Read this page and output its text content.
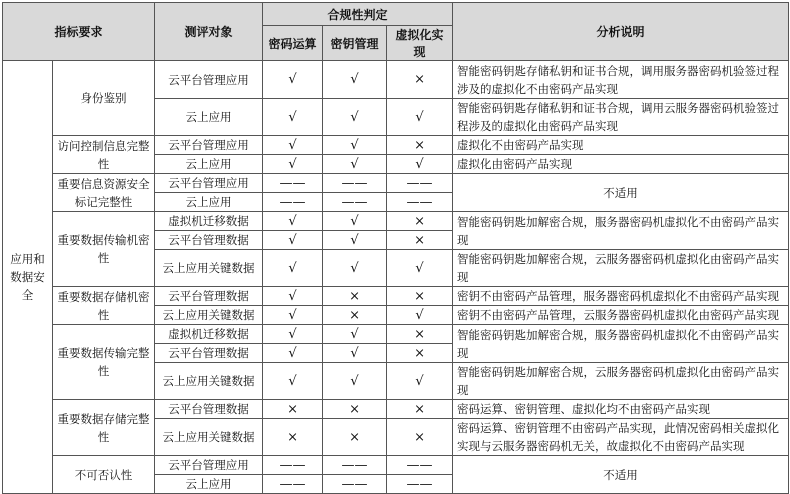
指标要求		测评对象	合规性判定			分析说明
			密码运算	密钥管理	虚拟化实现	
应用和数据安全	身份鉴别	云平台管理应用	√	√	×	智能密码钥匙存储私钥和证书合规，调用服务器密码机验签过程涉及的虚拟化不由密码产品实现
		云上应用	√	√	√	智能密码钥匙存储私钥和证书合规，调用云服务器密码机验签过程涉及的虚拟化由密码产品实现
	访问控制信息完整性	云平台管理应用	√	√	×	虚拟化不由密码产品实现
		云上应用	√	√	√	虚拟化由密码产品实现
	重要信息资源安全标记完整性	云平台管理应用	——	——	——	不适用
		云上应用	——	——	——	
	重要数据传输机密性	虚拟机迁移数据	√	√	×	智能密码钥匙加解密合规，服务器密码机虚拟化不由密码产品实现
		云平台管理数据	√	√	×	
		云上应用关键数据	√	√	√	智能密码钥匙加解密合规，云服务器密码机虚拟化由密码产品实现
	重要数据存储机密性	云平台管理数据	√	×	×	密钥不由密码产品管理，服务器密码机虚拟化不由密码产品实现
		云上应用关键数据	√	×	√	密钥不由密码产品管理，云服务器密码机虚拟化由密码产品实现
	重要数据传输完整性	虚拟机迁移数据	√	√	×	智能密码钥匙加解密合规，服务器密码机虚拟化不由密码产品实现
		云平台管理数据	√	√	×	
		云上应用关键数据	√	√	√	智能密码钥匙加解密合规，云服务器密码机虚拟化由密码产品实现
	重要数据存储完整性	云平台管理数据	×	×	×	密码运算、密钥管理、虚拟化均不由密码产品实现
		云上应用关键数据	×	×	×	密码运算、密钥管理不由密码产品实现，此情况密码相关虚拟化实现与云服务器密码机无关，故虚拟化不由密码产品实现
	不可否认性	云平台管理应用	——	——	——	不适用
		云上应用	——	——	——	
